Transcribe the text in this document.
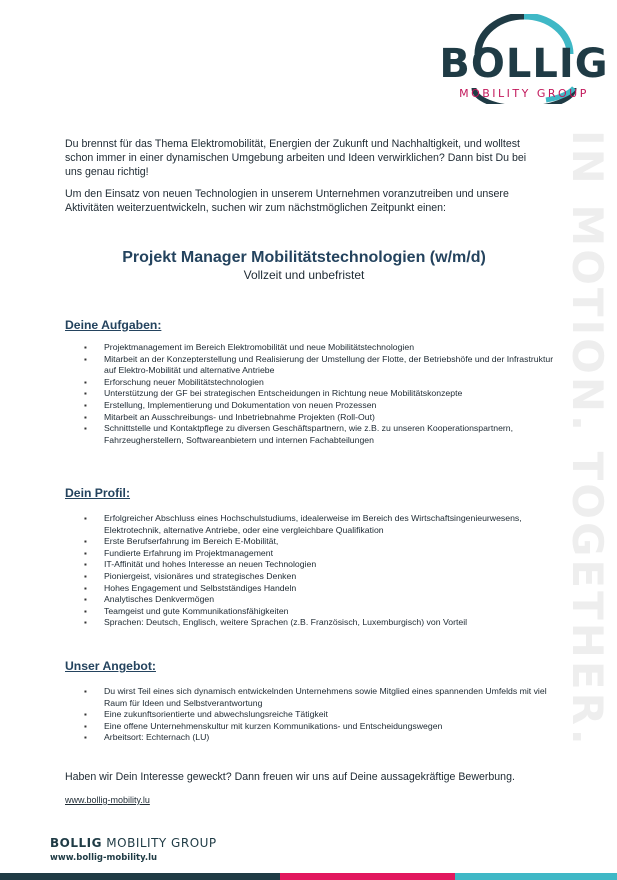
BOLLIG
MOBILITY GROUP
IN MOTION. TOGETHER.

Du brennst für das Thema Elektromobilität, Energien der Zukunft und Nachhaltigkeit, und wolltest schon immer in einer dynamischen Umgebung arbeiten und Ideen verwirklichen? Dann bist Du bei uns genau richtig!

Um den Einsatz von neuen Technologien in unserem Unternehmen voranzutreiben und unsere Aktivitäten weiterzuentwickeln, suchen wir zum nächstmöglichen Zeitpunkt einen:

Projekt Manager Mobilitätstechnologien (w/m/d)
Vollzeit und unbefristet
Deine Aufgaben:
▪ Projektmanagement im Bereich Elektromobilität und neue Mobilitätstechnologien
▪ Mitarbeit an der Konzepterstellung und Realisierung der Umstellung der Flotte, der Betriebshöfe und der Infrastruktur auf Elektro-Mobilität und alternative Antriebe
▪ Erforschung neuer Mobilitätstechnologien
▪ Unterstützung der GF bei strategischen Entscheidungen in Richtung neue Mobilitätskonzepte
▪ Erstellung, Implementierung und Dokumentation von neuen Prozessen
▪ Mitarbeit an Ausschreibungs- und Inbetriebnahme Projekten (Roll-Out)
▪ Schnittstelle und Kontaktpflege zu diversen Geschäftspartnern, wie z.B. zu unseren Kooperationspartnern, Fahrzeugherstellern, Softwareanbietern und internen Fachabteilungen
Dein Profil:
▪ Erfolgreicher Abschluss eines Hochschulstudiums, idealerweise im Bereich des Wirtschaftsingenieurwesens, Elektrotechnik, alternative Antriebe, oder eine vergleichbare Qualifikation
▪ Erste Berufserfahrung im Bereich E-Mobilität,
▪ Fundierte Erfahrung im Projektmanagement
▪ IT-Affinität und hohes Interesse an neuen Technologien
▪ Pioniergeist, visionäres und strategisches Denken
▪ Hohes Engagement und Selbstständiges Handeln
▪ Analytisches Denkvermögen
▪ Teamgeist und gute Kommunikationsfähigkeiten
▪ Sprachen: Deutsch, Englisch, weitere Sprachen (z.B. Französisch, Luxemburgisch) von Vorteil
Unser Angebot:
▪ Du wirst Teil eines sich dynamisch entwickelnden Unternehmens sowie Mitglied eines spannenden Umfelds mit viel Raum für Ideen und Selbstverantwortung
▪ Eine zukunftsorientierte und abwechslungsreiche Tätigkeit
▪ Eine offene Unternehmenskultur mit kurzen Kommunikations- und Entscheidungswegen
▪ Arbeitsort: Echternach (LU)

Haben wir Dein Interesse geweckt? Dann freuen wir uns auf Deine aussagekräftige Bewerbung.

www.bollig-mobility.lu
BOLLIG MOBILITY GROUP
www.bollig-mobility.lu
